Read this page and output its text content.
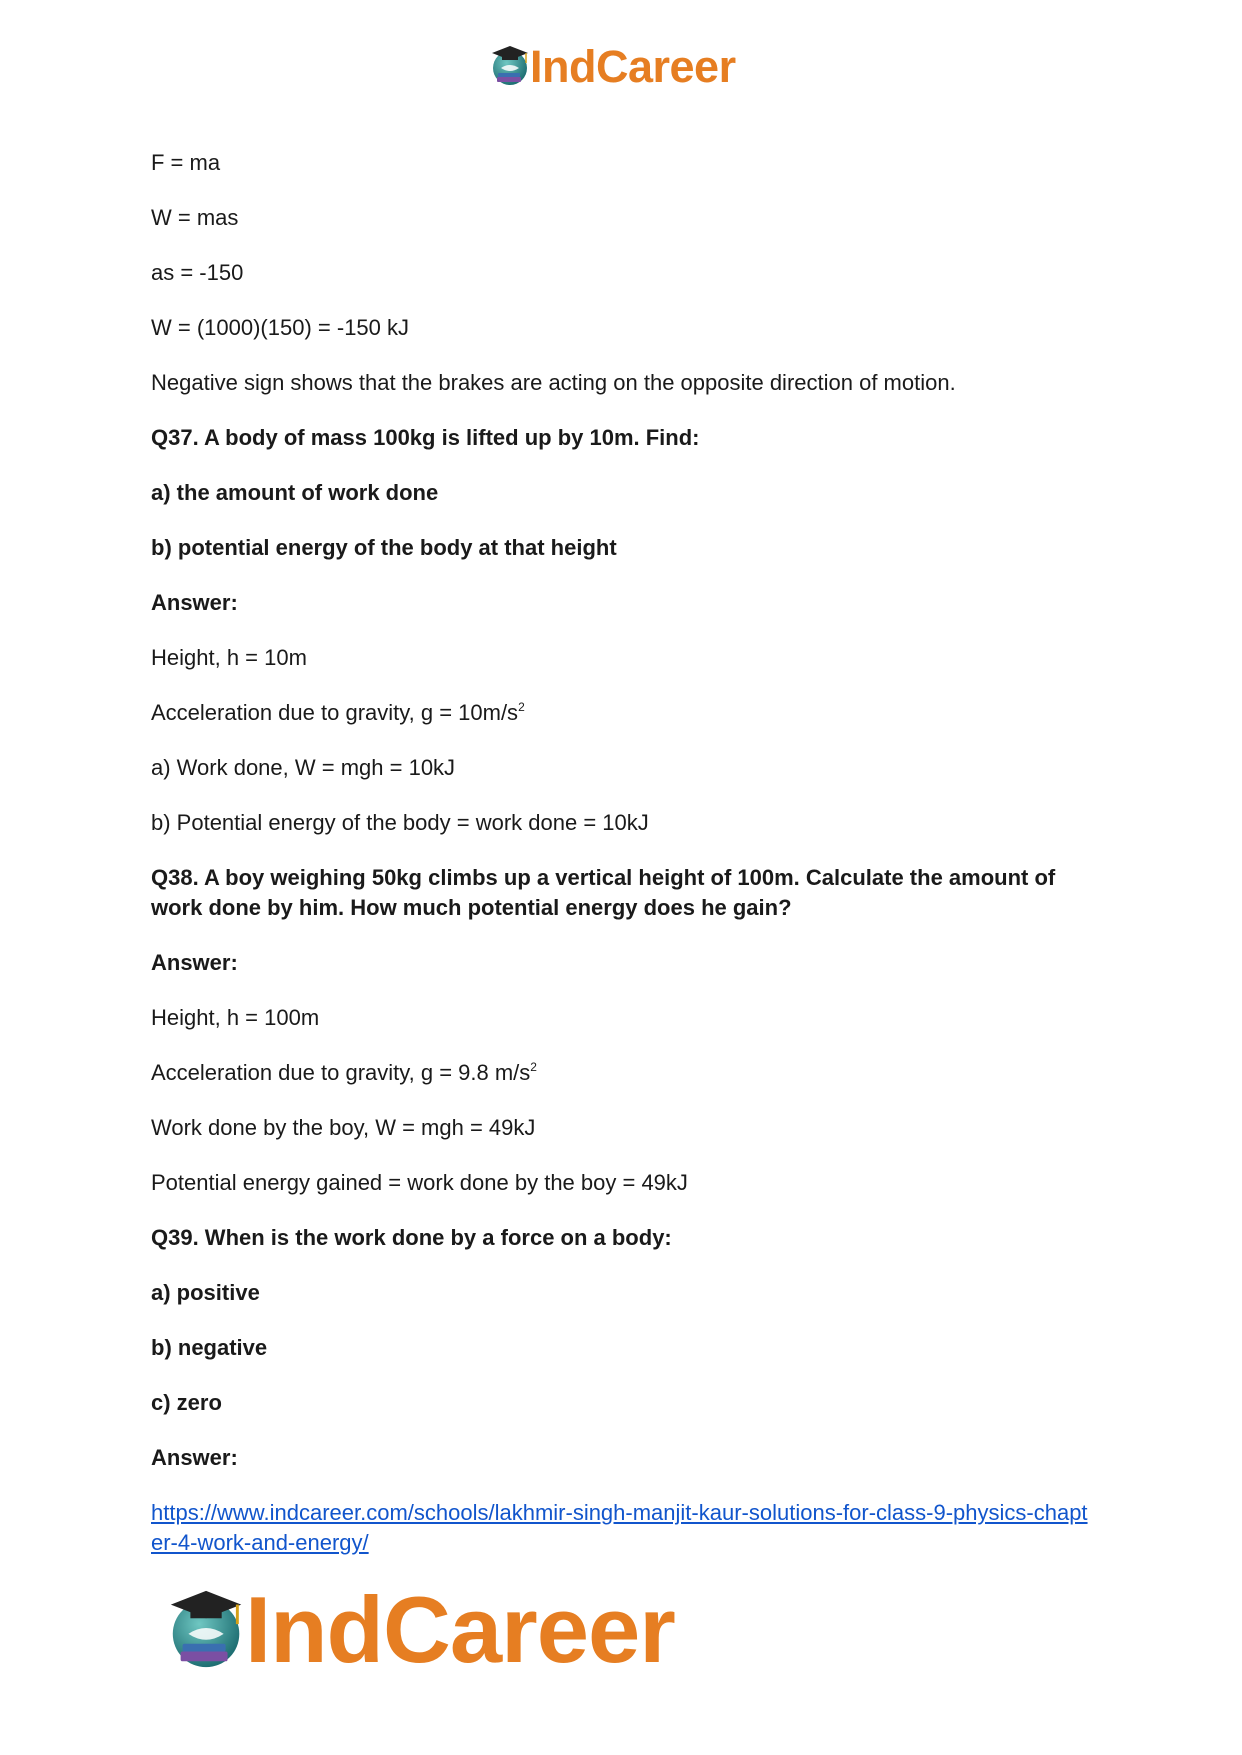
IndCareer
F = ma
W = mas
as = -150
W = (1000)(150) = -150 kJ
Negative sign shows that the brakes are acting on the opposite direction of motion.
Q37. A body of mass 100kg is lifted up by 10m. Find:
a) the amount of work done
b) potential energy of the body at that height
Answer:
Height, h = 10m
Acceleration due to gravity, $g = 10m/s^2$
a) Work done, W = mgh = 10kJ
b) Potential energy of the body = work done = 10kJ
Q38. A boy weighing 50kg climbs up a vertical height of 100m. Calculate the amount of work done by him. How much potential energy does he gain?
Answer:
Height, h = 100m
Acceleration due to gravity, g = 9.8 $m/s^2$
Work done by the boy, W = mgh = 49kJ
Potential energy gained = work done by the boy = 49kJ
Q39. When is the work done by a force on a body:
a) positive
b) negative
c) zero
Answer:
https://www.indcareer.com/schools/lakhmir-singh-manjit-kaur-solutions-for-class-9-physics-chapter-4-work-and-energy/
IndCareer
